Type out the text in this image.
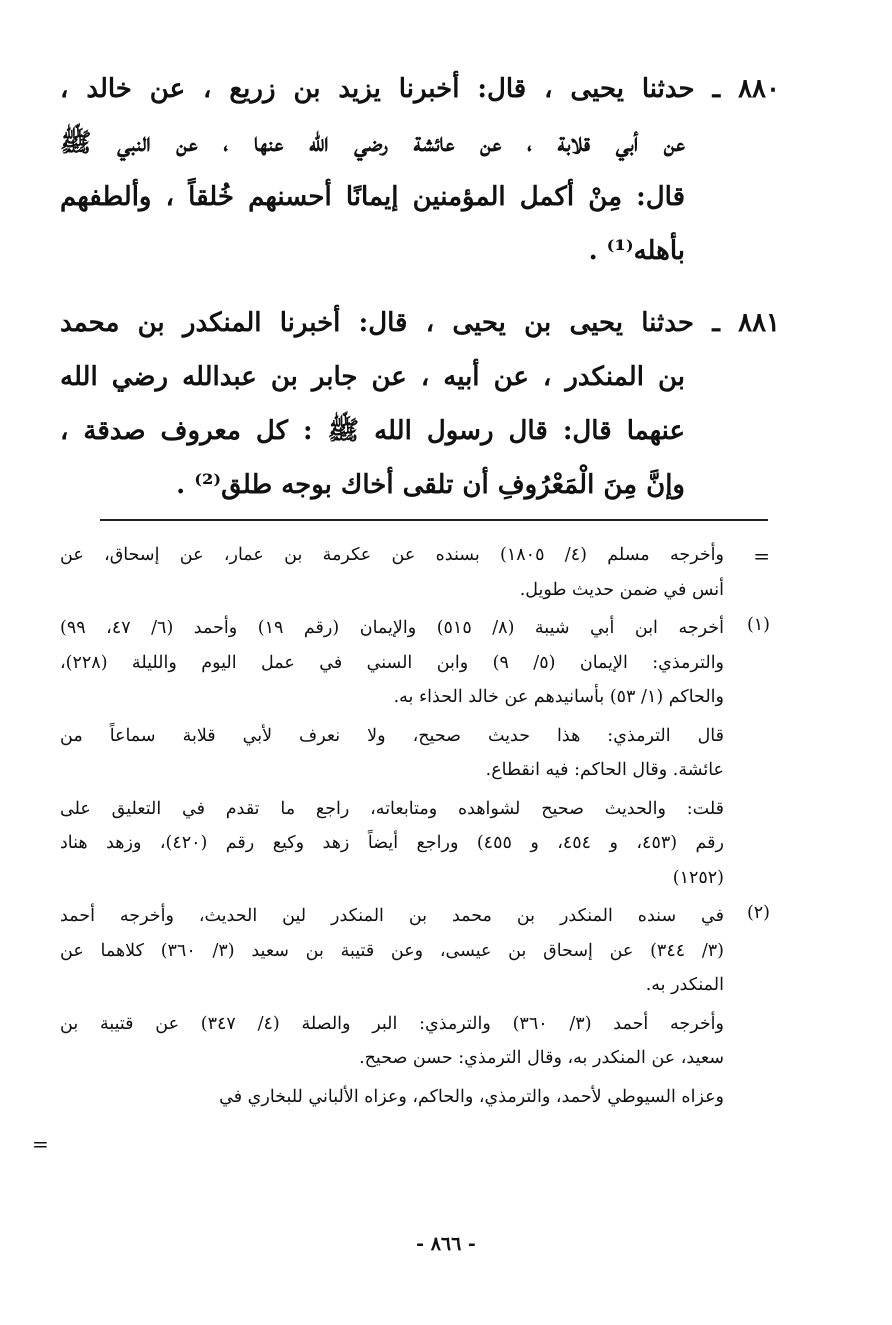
٨٨٠ ـ حدثنا يحيى ، قال: أخبرنا يزيد بن زريع ، عن خالد ،
عن أبي قلابة ، عن عائشة رضي الله عنها ، عن النبي ﷺ
قال: مِنْ أكمل المؤمنين إيمانًا أحسنهم خُلقاً ، وألطفهم
بأهله⁽¹⁾ .
٨٨١ ـ حدثنا يحيى بن يحيى ، قال: أخبرنا المنكدر بن محمد
بن المنكدر ، عن أبيه ، عن جابر بن عبدالله رضي الله
عنهما قال: قال رسول الله ﷺ : كل معروف صدقة ،
وإنَّ مِنَ الْمَعْرُوفِ أن تلقى أخاك بوجه طلق⁽²⁾ .
=
وأخرجه مسلم (٤/ ١٨٠٥) بسنده عن عكرمة بن عمار، عن إسحاق، عن
أنس في ضمن حديث طويل.
(١)
أخرجه ابن أبي شيبة (٨/ ٥١٥) والإيمان (رقم ١٩) وأحمد (٦/ ٤٧، ٩٩)
والترمذي: الإيمان (٥/ ٩) وابن السني في عمل اليوم والليلة (٢٢٨)،
والحاكم (١/ ٥٣) بأسانيدهم عن خالد الحذاء به.
قال الترمذي: هذا حديث صحيح، ولا نعرف لأبي قلابة سماعاً من
عائشة. وقال الحاكم: فيه انقطاع.
قلت: والحديث صحيح لشواهده ومتابعاته، راجع ما تقدم في التعليق على
رقم (٤٥٣، و ٤٥٤، و ٤٥٥) وراجع أيضاً زهد وكيع رقم (٤٢٠)، وزهد هناد
(١٢٥٢)
(٢)
في سنده المنكدر بن محمد بن المنكدر لين الحديث، وأخرجه أحمد
(٣/ ٣٤٤) عن إسحاق بن عيسى، وعن قتيبة بن سعيد (٣/ ٣٦٠) كلاهما عن
المنكدر به.
وأخرجه أحمد (٣/ ٣٦٠) والترمذي: البر والصلة (٤/ ٣٤٧) عن قتيبة بن
سعيد، عن المنكدر به، وقال الترمذي: حسن صحيح.
وعزاه السيوطي لأحمد، والترمذي، والحاكم، وعزاه الألباني للبخاري في
=
- ٨٦٦ -
